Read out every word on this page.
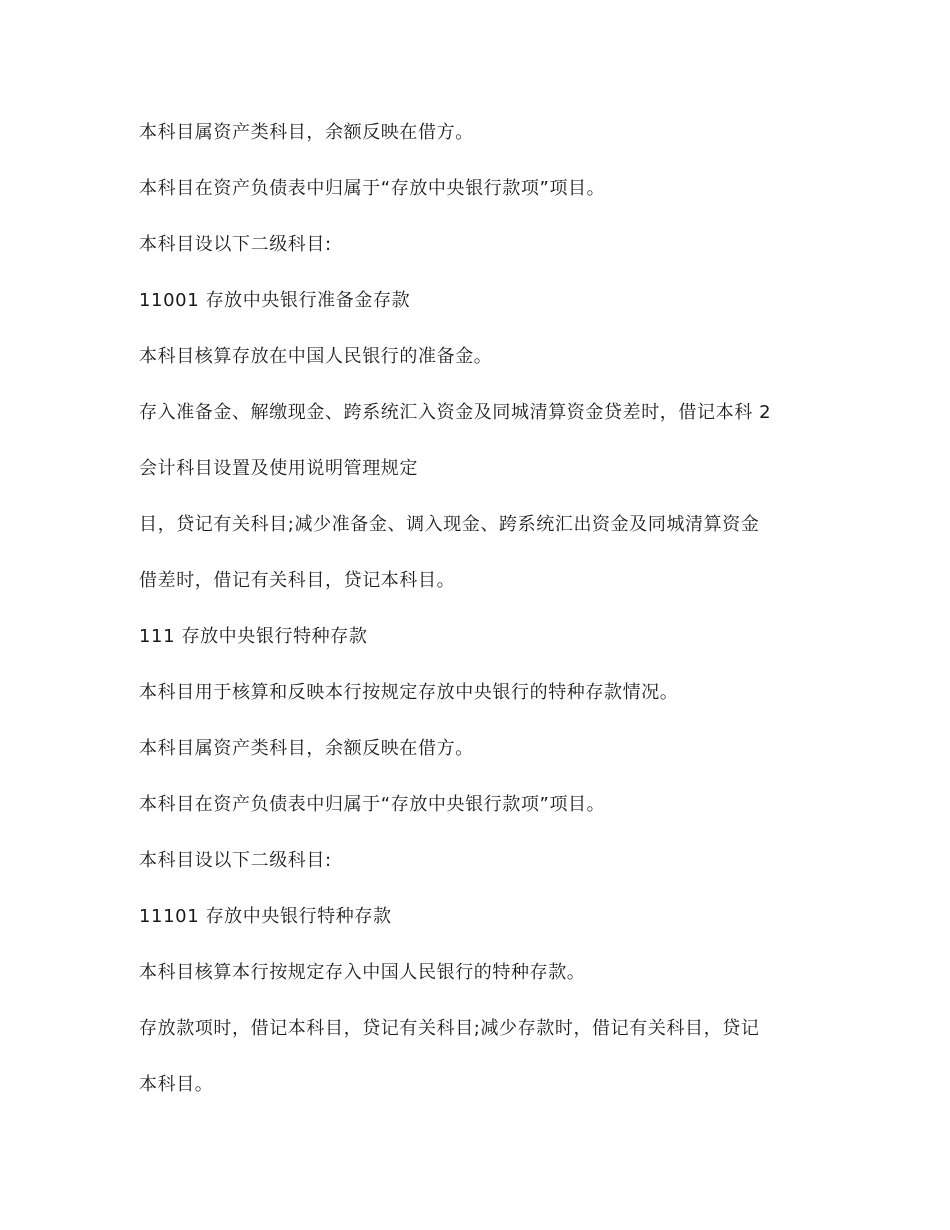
本科目属资产类科目，余额反映在借方。

本科目在资产负债表中归属于“存放中央银行款项”项目。

本科目设以下二级科目:

11001 存放中央银行准备金存款

本科目核算存放在中国人民银行的准备金。

存入准备金、解缴现金、跨系统汇入资金及同城清算资金贷差时，借记本科 2

会计科目设置及使用说明管理规定

目，贷记有关科目;减少准备金、调入现金、跨系统汇出资金及同城清算资金

借差时，借记有关科目，贷记本科目。

111 存放中央银行特种存款

本科目用于核算和反映本行按规定存放中央银行的特种存款情况。

本科目属资产类科目，余额反映在借方。

本科目在资产负债表中归属于“存放中央银行款项”项目。

本科目设以下二级科目:

11101 存放中央银行特种存款

本科目核算本行按规定存入中国人民银行的特种存款。

存放款项时，借记本科目，贷记有关科目;减少存款时，借记有关科目，贷记

本科目。
